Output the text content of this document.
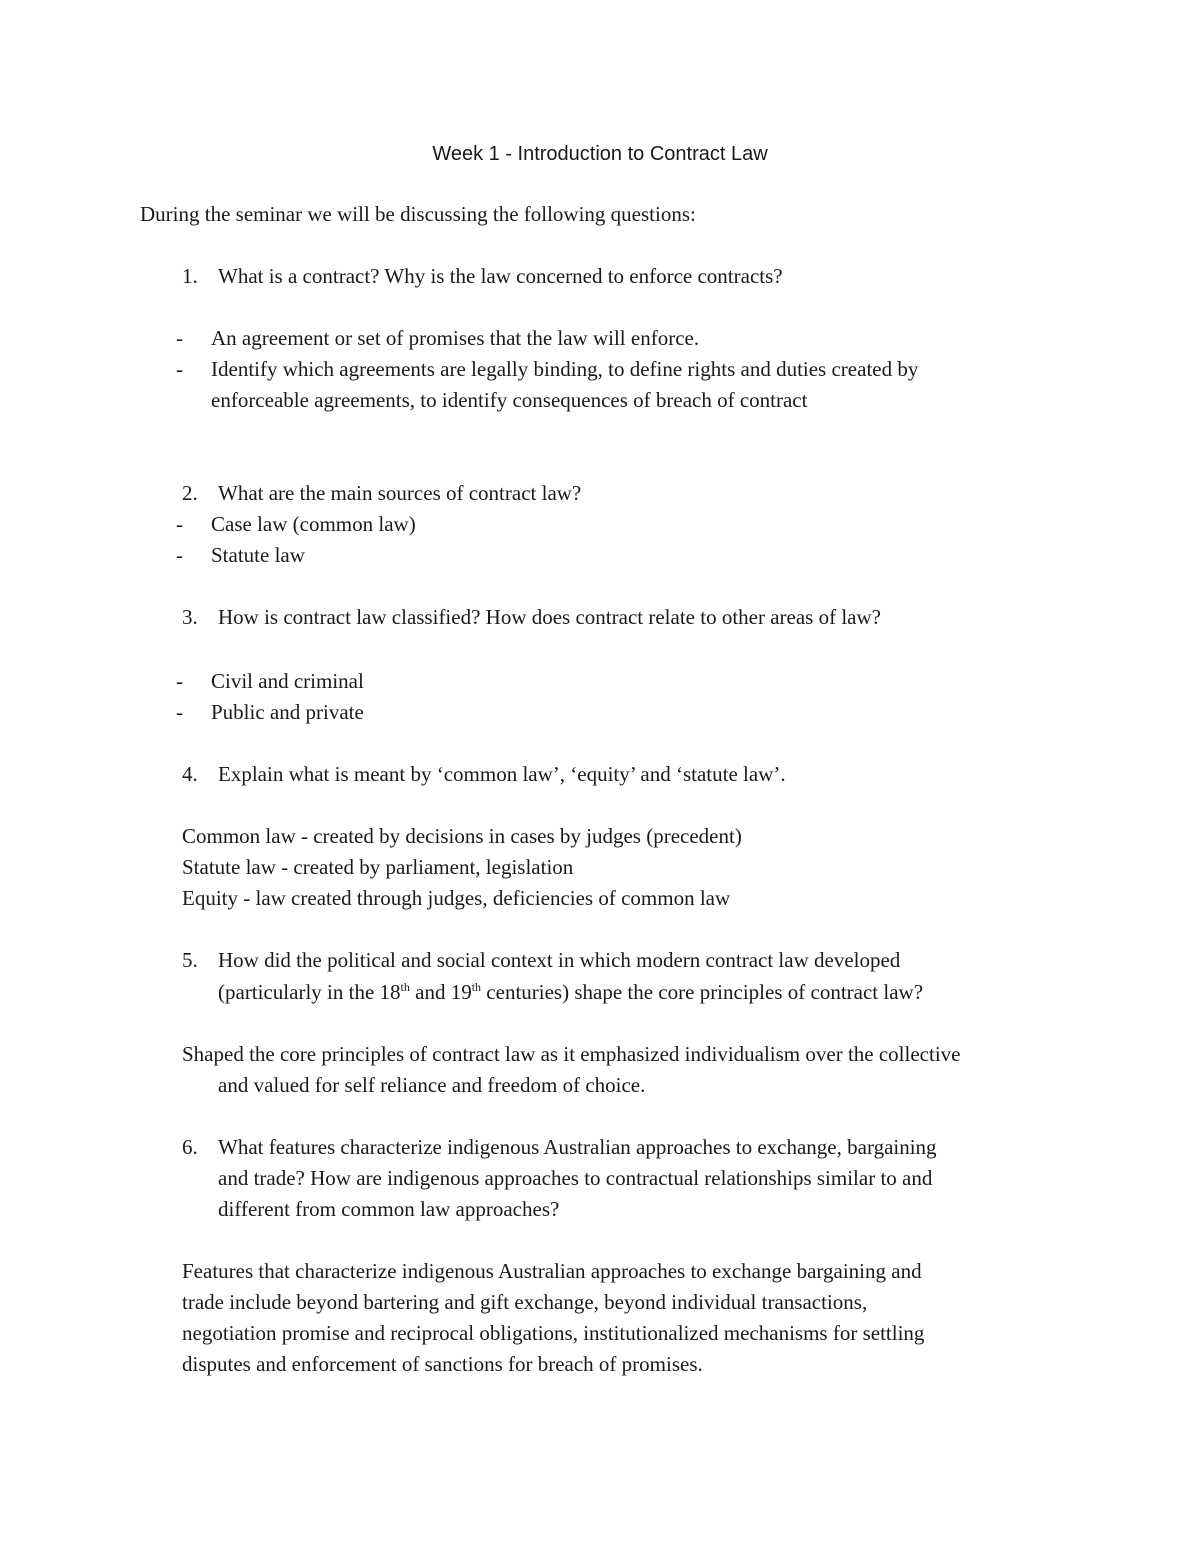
Week 1 - Introduction to Contract Law
During the seminar we will be discussing the following questions:
1. What is a contract? Why is the law concerned to enforce contracts?
- An agreement or set of promises that the law will enforce.
- Identify which agreements are legally binding, to define rights and duties created by
enforceable agreements, to identify consequences of breach of contract
2. What are the main sources of contract law?
- Case law (common law)
- Statute law
3. How is contract law classified? How does contract relate to other areas of law?
- Civil and criminal
- Public and private
4. Explain what is meant by ‘common law’, ‘equity’ and ‘statute law’.
Common law - created by decisions in cases by judges (precedent)
Statute law - created by parliament, legislation
Equity - law created through judges, deficiencies of common law
5. How did the political and social context in which modern contract law developed
(particularly in the 18th and 19th centuries) shape the core principles of contract law?
Shaped the core principles of contract law as it emphasized individualism over the collective
and valued for self reliance and freedom of choice.
6. What features characterize indigenous Australian approaches to exchange, bargaining
and trade? How are indigenous approaches to contractual relationships similar to and
different from common law approaches?
Features that characterize indigenous Australian approaches to exchange bargaining and
trade include beyond bartering and gift exchange, beyond individual transactions,
negotiation promise and reciprocal obligations, institutionalized mechanisms for settling
disputes and enforcement of sanctions for breach of promises.
